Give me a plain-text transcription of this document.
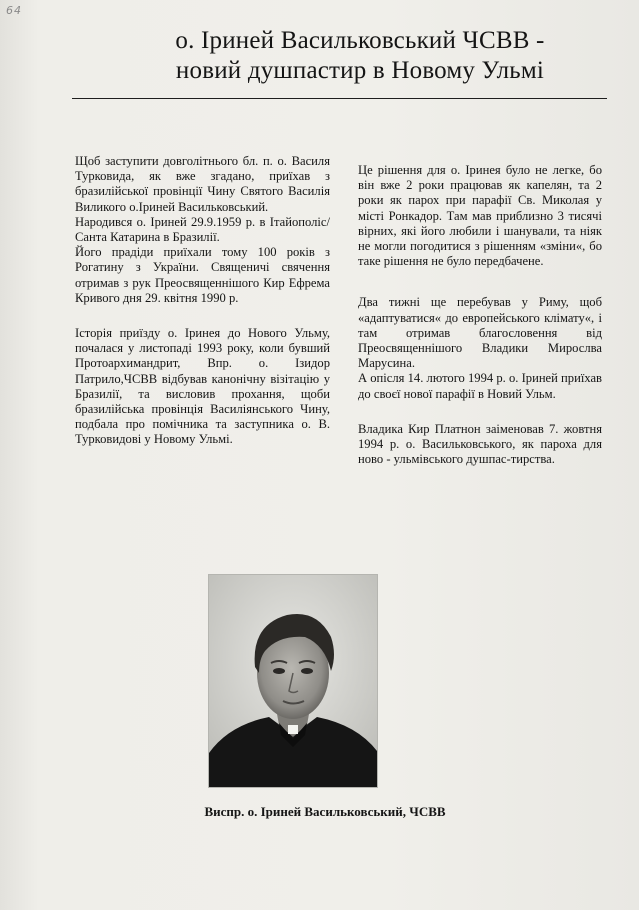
64
о. Іриней Васильковський ЧСВВ -
новий душпастир в Новому Ульмі

Щоб заступити довголітнього бл. п. о. Василя Турковида, як вже згадано, приїхав з бразилійської провінції Чину Святого Василія Виликого о.Іриней Васильковський.

Народився о. Іриней 29.9.1959 р. в Ітайополіс/Санта Катарина в Бразилії.

Його прадіди приїхали тому 100 років з Рогатину з України. Священичі свячення отримав з рук Преосвященнішого Кир Ефрема Кривого дня 29. квітня 1990 р.

Історія приїзду о. Іринея до Нового Ульму, почалася у листопаді 1993 року, коли бувший Протоархимандрит, Впр. о. Ізидор Патрило,ЧСВВ відбував канонічну візітацію у Бразилії, та висловив прохання, щоби бразилійська провінція Василіянського Чину, подбала про помічника та заступника о. В. Турковидові у Новому Ульмі.

Це рішення для о. Іринея було не легке, бо він вже 2 роки працював як капелян, та 2 роки як парох при парафії Св. Миколая у місті Ронкадор. Там мав приблизно 3 тисячі вірних, які його любили і шанували, та ніяк не могли погодитися з рішенням «зміни«, бо таке рішення не було передбачене.

Два тижні ще перебував у Риму, щоб «адаптуватися« до европейського клімату«, і там отримав благословення від Преосвященнішого Владики Мирослва Марусина.

А опісля 14. лютого 1994 р. о. Іриней приїхав до своєї нової парафії в Новий Ульм.

Владика Кир Платнон заіменовав 7. жовтня 1994 р. о. Васильковського, як пароха для ново - ульмівського душпас-тирства.

Виспр. о. Іриней Васильковський, ЧСВВ
